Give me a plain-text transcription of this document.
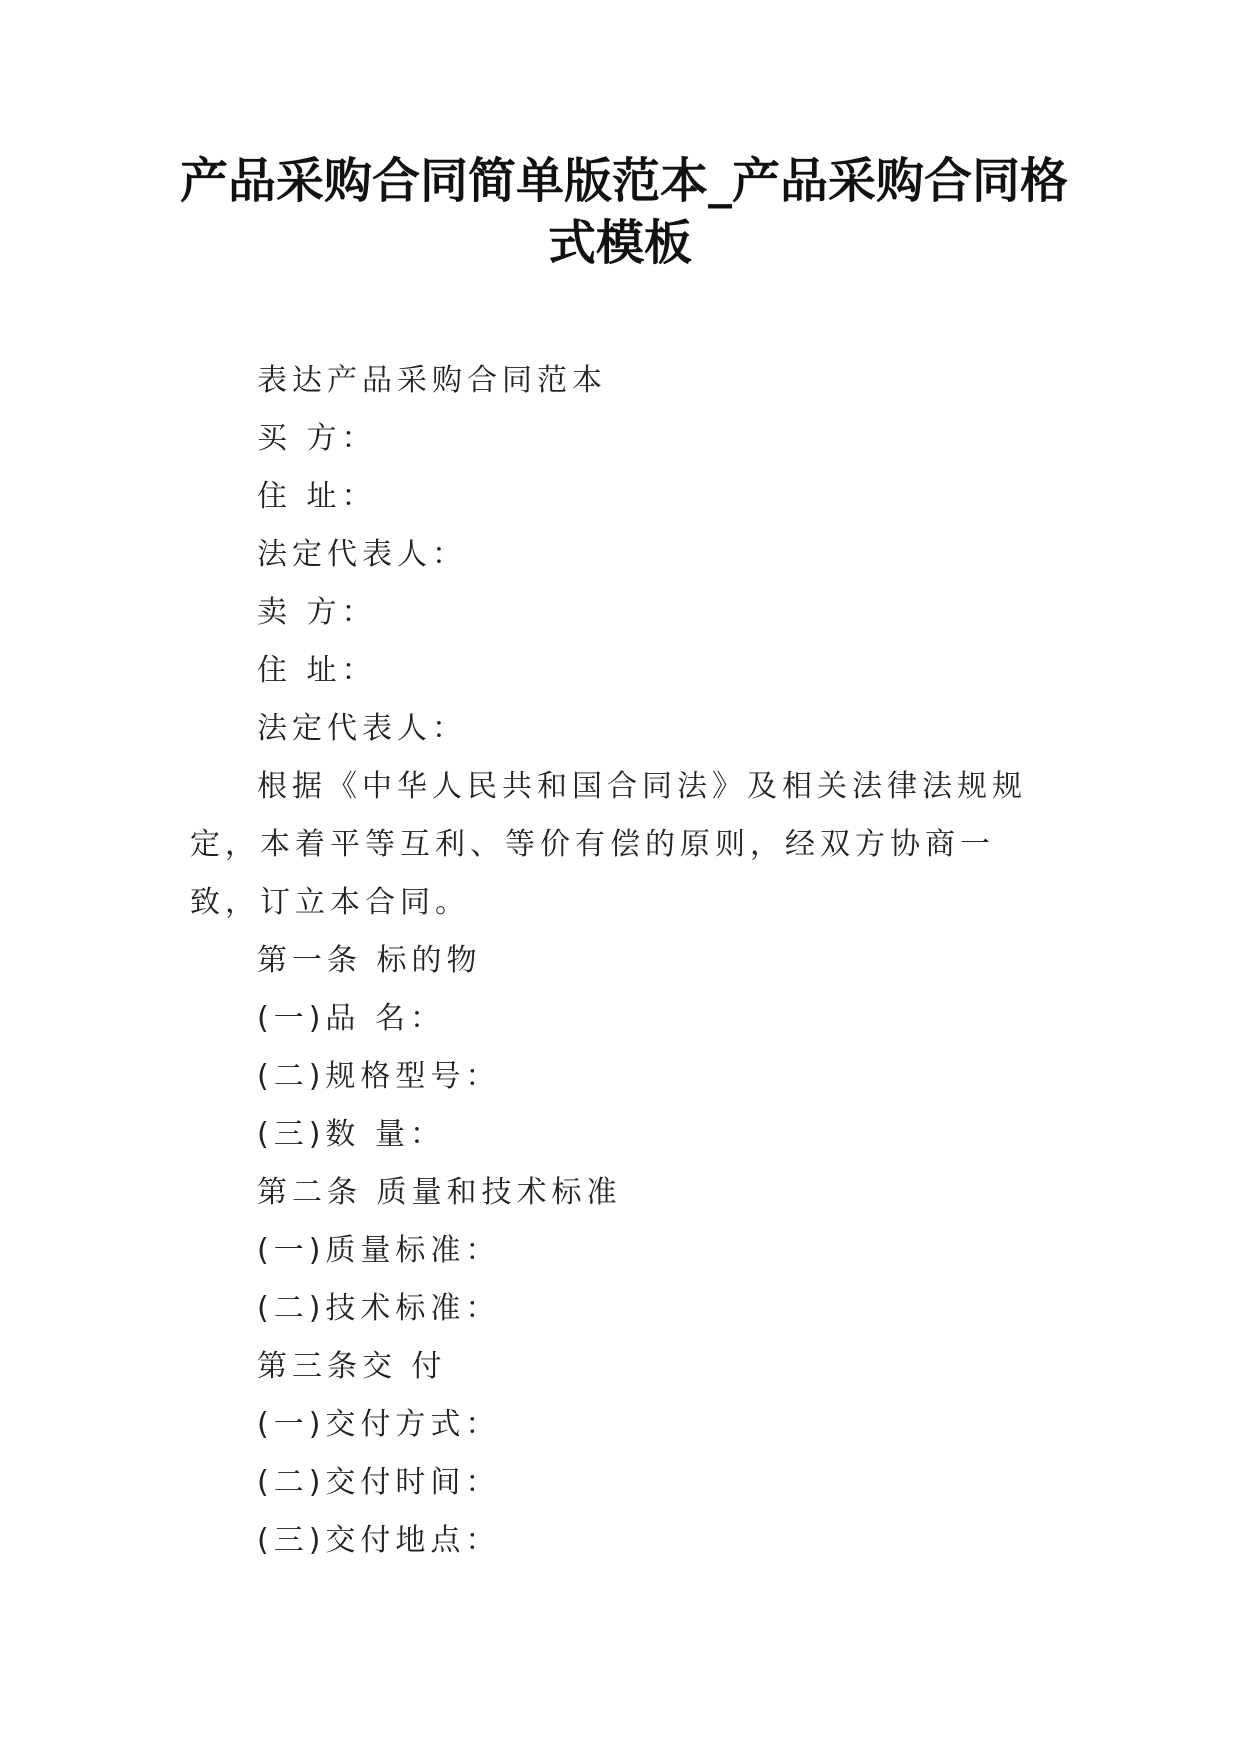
产品采购合同简单版范本_产品采购合同格
式模板
表达产品采购合同范本
买 方：
住 址：
法定代表人：
卖 方：
住 址：
法定代表人：
根据《中华人民共和国合同法》及相关法律法规规定，本着平等互利、等价有偿的原则，经双方协商一致，订立本合同。
第一条 标的物
(一)品 名：
(二)规格型号：
(三)数 量：
第二条 质量和技术标准
(一)质量标准：
(二)技术标准：
第三条交 付
(一)交付方式：
(二)交付时间：
(三)交付地点：
